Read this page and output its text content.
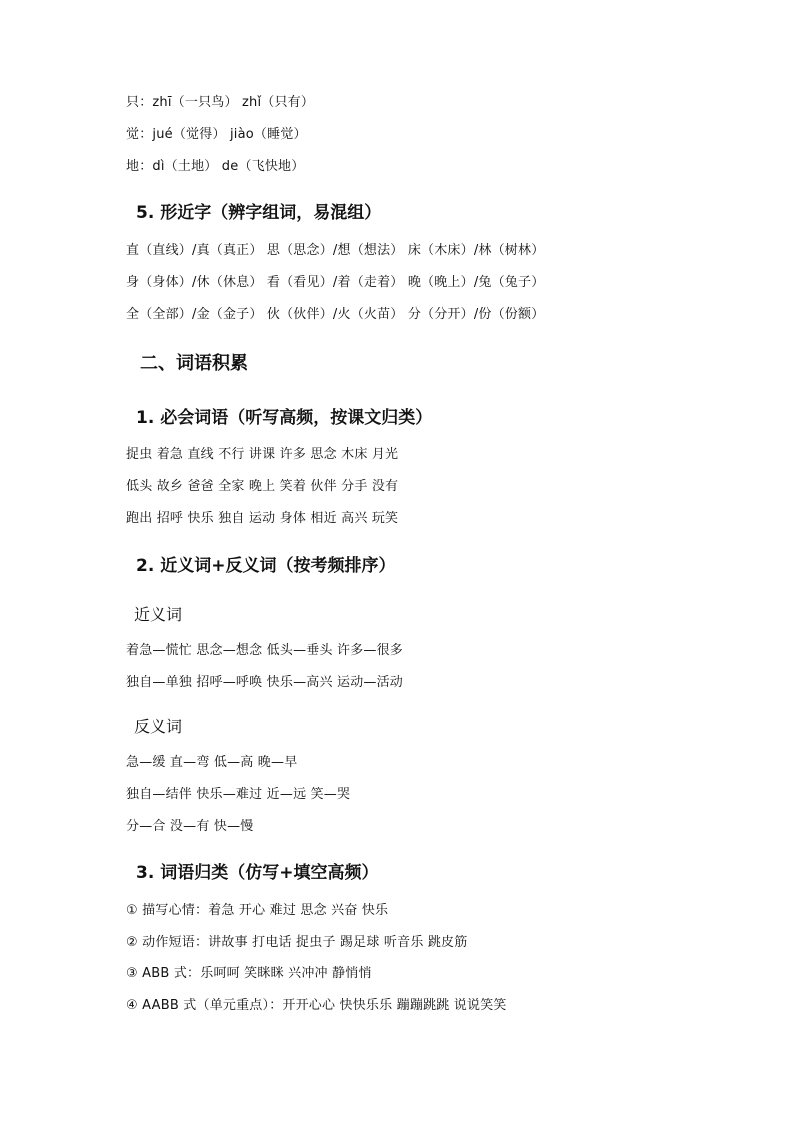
只：zhī（一只鸟） zhǐ（只有）
觉：jué（觉得） jiào（睡觉）
地：dì（土地） de（飞快地）
5. 形近字（辨字组词，易混组）
直（直线）/真（真正） 思（思念）/想（想法） 床（木床）/林（树林）
身（身体）/休（休息） 看（看见）/着（走着） 晚（晚上）/兔（兔子）
全（全部）/金（金子） 伙（伙伴）/火（火苗） 分（分开）/份（份额）
二、词语积累
1. 必会词语（听写高频，按课文归类）
捉虫 着急 直线 不行 讲课 许多 思念 木床 月光
低头 故乡 爸爸 全家 晚上 笑着 伙伴 分手 没有
跑出 招呼 快乐 独自 运动 身体 相近 高兴 玩笑
2. 近义词+反义词（按考频排序）
近义词
着急—慌忙 思念—想念 低头—垂头 许多—很多
独自—单独 招呼—呼唤 快乐—高兴 运动—活动
反义词
急—缓 直—弯 低—高 晚—早
独自—结伴 快乐—难过 近—远 笑—哭
分—合 没—有 快—慢
3. 词语归类（仿写+填空高频）
① 描写心情：着急 开心 难过 思念 兴奋 快乐
② 动作短语：讲故事 打电话 捉虫子 踢足球 听音乐 跳皮筋
③ ABB 式：乐呵呵 笑眯眯 兴冲冲 静悄悄
④ AABB 式（单元重点）：开开心心 快快乐乐 蹦蹦跳跳 说说笑笑
